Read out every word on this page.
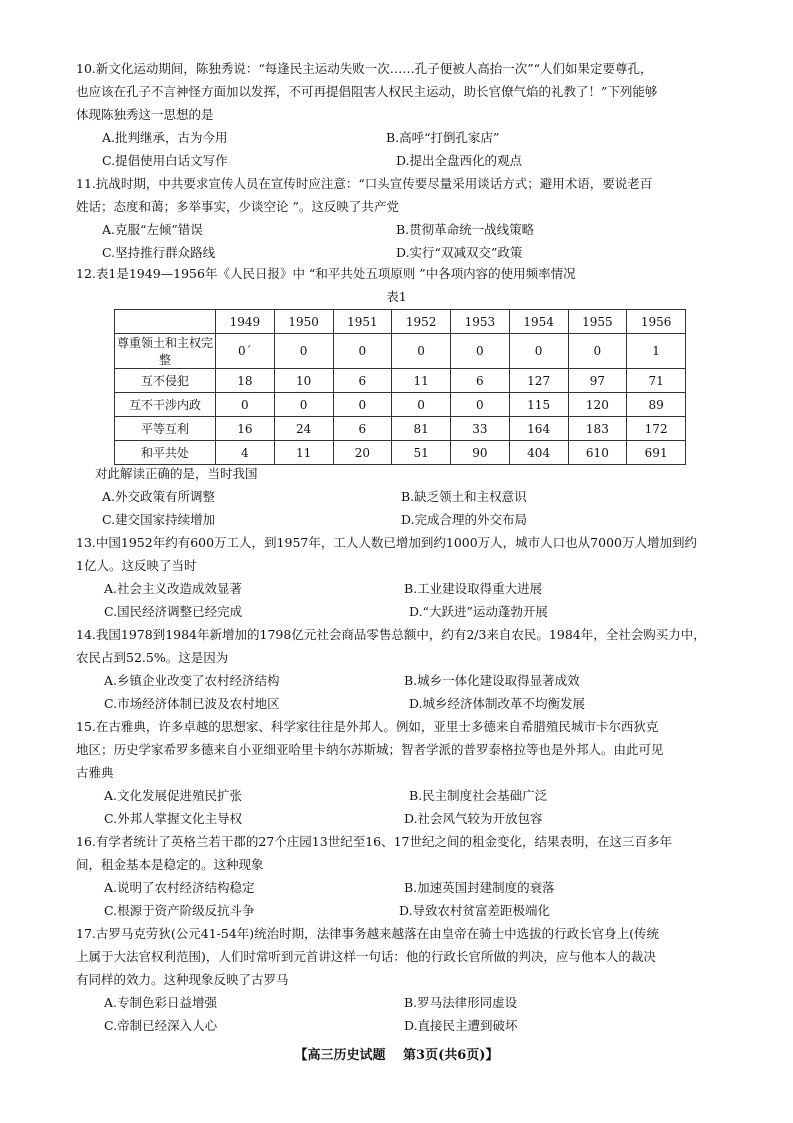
10.新文化运动期间，陈独秀说：“每逢民主运动失败一次……孔子便被人高抬一次”“人们如果定要尊孔，
也应该在孔子不言神怪方面加以发挥，不可再提倡阻害人权民主运动，助长官僚气焰的礼教了！”下列能够
体现陈独秀这一思想的是
A.批判继承，古为今用	B.高呼“打倒孔家店”
C.提倡使用白话文写作	D.提出全盘西化的观点
11.抗战时期，中共要求宣传人员在宣传时应注意：“口头宣传要尽量采用谈话方式；避用术语，要说老百
姓话；态度和蔼；多举事实，少谈空论 ”。这反映了共产党
A.克服“左倾”错误	B.贯彻革命统一战线策略
C.坚持推行群众路线	D.实行“双减双交”政策
12.表1是1949—1956年《人民日报》中 “和平共处五项原则 ”中各项内容的使用频率情况
表1
	1949	1950	1951	1952	1953	1954	1955	1956
尊重领土和主权完整	0´	0	0	0	0	0	0	1
互不侵犯	18	10	6	11	6	127	97	71
互不干涉内政	0	0	0	0	0	115	120	89
平等互利	16	24	6	81	33	164	183	172
和平共处	4	11	20	51	90	404	610	691
对此解读正确的是，当时我国
A.外交政策有所调整	B.缺乏领土和主权意识
C.建交国家持续增加	D.完成合理的外交布局
13.中国1952年约有600万工人，到1957年，工人人数已增加到约1000万人，城市人口也从7000万人增加到约
1亿人。这反映了当时
A.社会主义改造成效显著	B.工业建设取得重大进展
C.国民经济调整已经完成	D.“大跃进”运动蓬勃开展
14.我国1978到1984年新增加的1798亿元社会商品零售总额中，约有2/3来自农民。1984年，全社会购买力中，
农民占到52.5%。这是因为
A.乡镇企业改变了农村经济结构	B.城乡一体化建设取得显著成效
C.市场经济体制已波及农村地区	D.城乡经济体制改革不均衡发展
15.在古雅典，许多卓越的思想家、科学家往往是外邦人。例如，亚里士多德来自希腊殖民城市卡尔西狄克
地区；历史学家希罗多德来自小亚细亚哈里卡纳尔苏斯城；智者学派的普罗泰格拉等也是外邦人。由此可见
古雅典
A.文化发展促进殖民扩张	B.民主制度社会基础广泛
C.外邦人掌握文化主导权	D.社会风气较为开放包容
16.有学者统计了英格兰若干郡的27个庄园13世纪至16、17世纪之间的租金变化，结果表明，在这三百多年
间，租金基本是稳定的。这种现象
A.说明了农村经济结构稳定	B.加速英国封建制度的衰落
C.根源于资产阶级反抗斗争	D.导致农村贫富差距极端化
17.古罗马克劳狄(公元41-54年)统治时期，法律事务越来越落在由皇帝在骑士中选拔的行政长官身上(传统
上属于大法官权利范围)，人们时常听到元首讲这样一句话：他的行政长官所做的判决，应与他本人的裁决
有同样的效力。这种现象反映了古罗马
A.专制色彩日益增强	B.罗马法律形同虚设
C.帝制已经深入人心	D.直接民主遭到破坏
【高三历史试题　 第3页(共6页)】
